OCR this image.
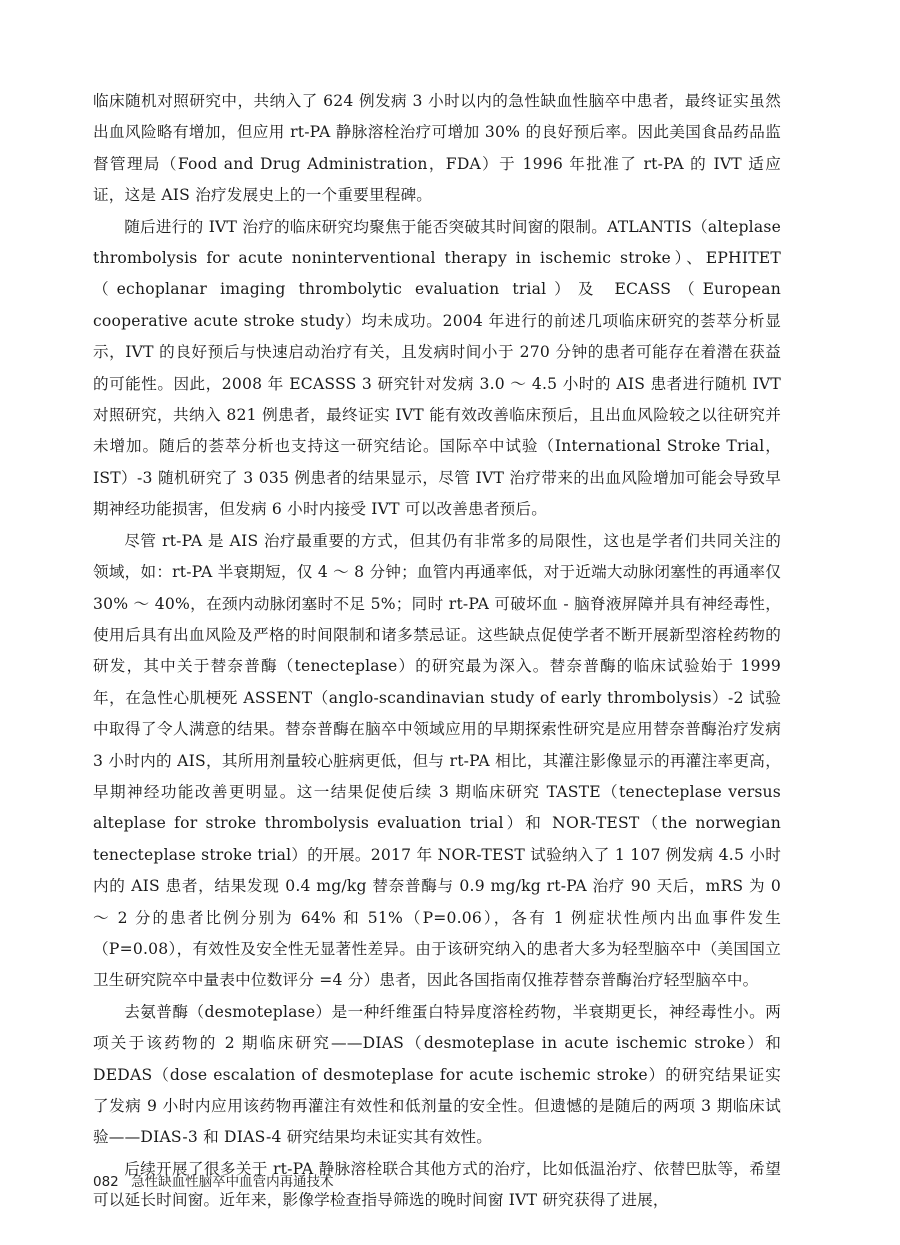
临床随机对照研究中，共纳入了 624 例发病 3 小时以内的急性缺血性脑卒中患者，最终证实虽然出血风险略有增加，但应用 rt-PA 静脉溶栓治疗可增加 30% 的良好预后率。因此美国食品药品监督管理局（Food and Drug Administration，FDA）于 1996 年批准了 rt-PA 的 IVT 适应证，这是 AIS 治疗发展史上的一个重要里程碑。

随后进行的 IVT 治疗的临床研究均聚焦于能否突破其时间窗的限制。ATLANTIS（alteplase thrombolysis for acute noninterventional therapy in ischemic stroke）、EPHITET（echoplanar imaging thrombolytic evaluation trial）及 ECASS（European cooperative acute stroke study）均未成功。2004 年进行的前述几项临床研究的荟萃分析显示，IVT 的良好预后与快速启动治疗有关，且发病时间小于 270 分钟的患者可能存在着潜在获益的可能性。因此，2008 年 ECASSS 3 研究针对发病 3.0 ～ 4.5 小时的 AIS 患者进行随机 IVT 对照研究，共纳入 821 例患者，最终证实 IVT 能有效改善临床预后，且出血风险较之以往研究并未增加。随后的荟萃分析也支持这一研究结论。国际卒中试验（International Stroke Trial，IST）-3 随机研究了 3 035 例患者的结果显示，尽管 IVT 治疗带来的出血风险增加可能会导致早期神经功能损害，但发病 6 小时内接受 IVT 可以改善患者预后。

尽管 rt-PA 是 AIS 治疗最重要的方式，但其仍有非常多的局限性，这也是学者们共同关注的领域，如：rt-PA 半衰期短，仅 4 ～ 8 分钟；血管内再通率低，对于近端大动脉闭塞性的再通率仅 30% ～ 40%，在颈内动脉闭塞时不足 5%；同时 rt-PA 可破坏血 - 脑脊液屏障并具有神经毒性，使用后具有出血风险及严格的时间限制和诸多禁忌证。这些缺点促使学者不断开展新型溶栓药物的研发，其中关于替奈普酶（tenecteplase）的研究最为深入。替奈普酶的临床试验始于 1999 年，在急性心肌梗死 ASSENT（anglo-scandinavian study of early thrombolysis）-2 试验中取得了令人满意的结果。替奈普酶在脑卒中领域应用的早期探索性研究是应用替奈普酶治疗发病 3 小时内的 AIS，其所用剂量较心脏病更低，但与 rt-PA 相比，其灌注影像显示的再灌注率更高，早期神经功能改善更明显。这一结果促使后续 3 期临床研究 TASTE（tenecteplase versus alteplase for stroke thrombolysis evaluation trial）和 NOR-TEST（the norwegian tenecteplase stroke trial）的开展。2017 年 NOR-TEST 试验纳入了 1 107 例发病 4.5 小时内的 AIS 患者，结果发现 0.4 mg/kg 替奈普酶与 0.9 mg/kg rt-PA 治疗 90 天后，mRS 为 0 ～ 2 分的患者比例分别为 64% 和 51%（P=0.06），各有 1 例症状性颅内出血事件发生（P=0.08），有效性及安全性无显著性差异。由于该研究纳入的患者大多为轻型脑卒中（美国国立卫生研究院卒中量表中位数评分 =4 分）患者，因此各国指南仅推荐替奈普酶治疗轻型脑卒中。

去氨普酶（desmoteplase）是一种纤维蛋白特异度溶栓药物，半衰期更长，神经毒性小。两项关于该药物的 2 期临床研究——DIAS（desmoteplase in acute ischemic stroke）和 DEDAS（dose escalation of desmoteplase for acute ischemic stroke）的研究结果证实了发病 9 小时内应用该药物再灌注有效性和低剂量的安全性。但遗憾的是随后的两项 3 期临床试验——DIAS-3 和 DIAS-4 研究结果均未证实其有效性。

后续开展了很多关于 rt-PA 静脉溶栓联合其他方式的治疗，比如低温治疗、依替巴肽等，希望可以延长时间窗。近年来，影像学检查指导筛选的晚时间窗 IVT 研究获得了进展，

082 急性缺血性脑卒中血管内再通技术
